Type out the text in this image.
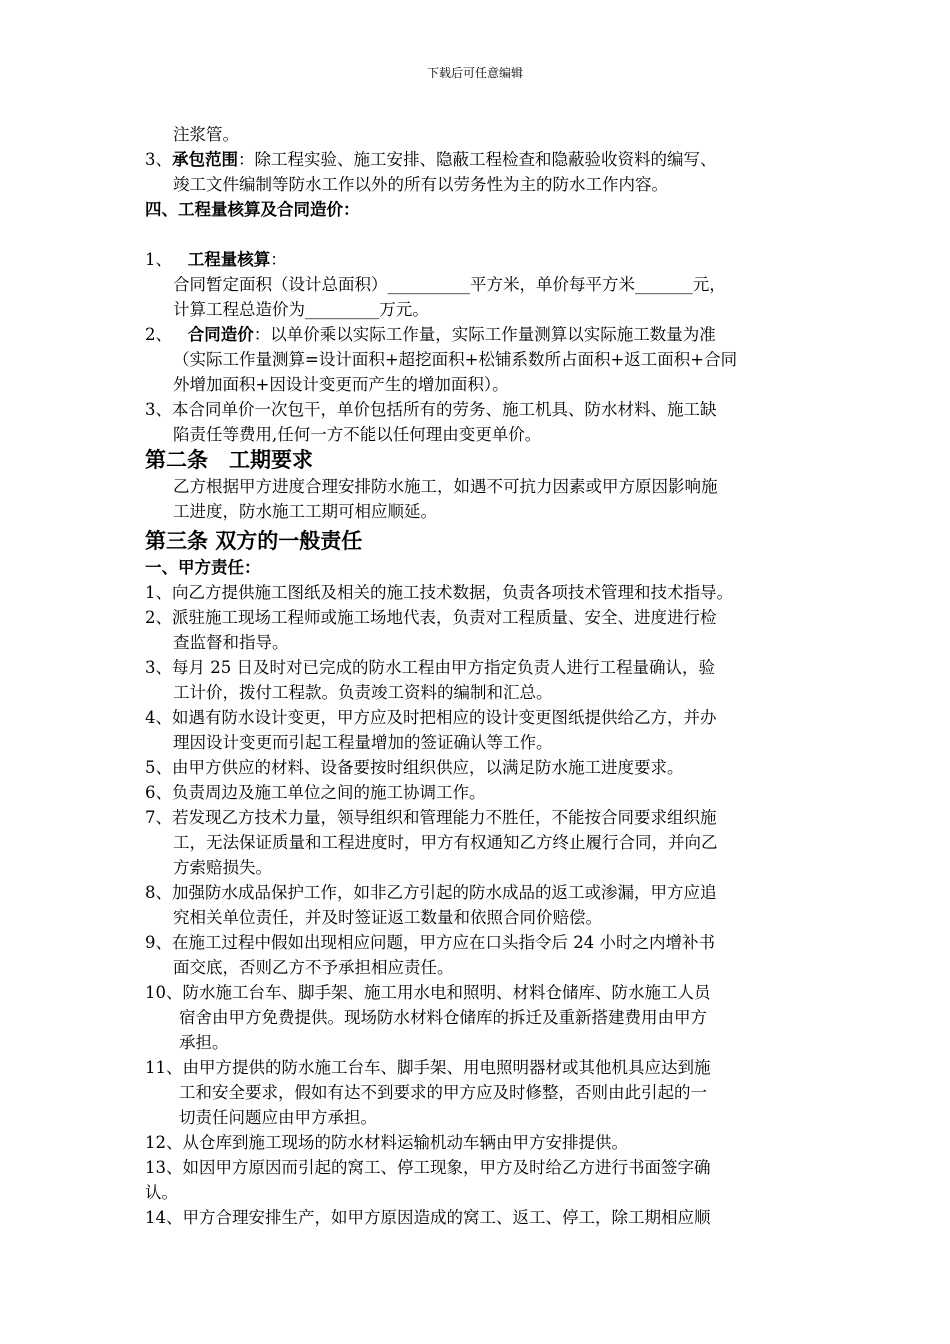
下载后可任意编辑
注浆管。
3、承包范围：除工程实验、施工安排、隐蔽工程检查和隐蔽验收资料的编写、
竣工文件编制等防水工作以外的所有以劳务性为主的防水工作内容。
四、工程量核算及合同造价：
1、 工程量核算：
合同暂定面积（设计总面积）__________平方米，单价每平方米_______元，
计算工程总造价为_________万元。
2、 合同造价：以单价乘以实际工作量，实际工作量测算以实际施工数量为准
（实际工作量测算=设计面积+超挖面积+松铺系数所占面积+返工面积+合同
外增加面积+因设计变更而产生的增加面积）。
3、本合同单价一次包干，单价包括所有的劳务、施工机具、防水材料、施工缺
陷责任等费用,任何一方不能以任何理由变更单价。
第二条　工期要求
乙方根据甲方进度合理安排防水施工，如遇不可抗力因素或甲方原因影响施
工进度，防水施工工期可相应顺延。
第三条 双方的一般责任
一、甲方责任：
1、向乙方提供施工图纸及相关的施工技术数据，负责各项技术管理和技术指导。
2、派驻施工现场工程师或施工场地代表，负责对工程质量、安全、进度进行检
查监督和指导。
3、每月 25 日及时对已完成的防水工程由甲方指定负责人进行工程量确认，验
工计价，拨付工程款。负责竣工资料的编制和汇总。
4、如遇有防水设计变更，甲方应及时把相应的设计变更图纸提供给乙方，并办
理因设计变更而引起工程量增加的签证确认等工作。
5、由甲方供应的材料、设备要按时组织供应，以满足防水施工进度要求。
6、负责周边及施工单位之间的施工协调工作。
7、若发现乙方技术力量，领导组织和管理能力不胜任，不能按合同要求组织施
工，无法保证质量和工程进度时，甲方有权通知乙方终止履行合同，并向乙
方索赔损失。
8、加强防水成品保护工作，如非乙方引起的防水成品的返工或渗漏，甲方应追
究相关单位责任，并及时签证返工数量和依照合同价赔偿。
9、在施工过程中假如出现相应问题，甲方应在口头指令后 24 小时之内增补书
面交底，否则乙方不予承担相应责任。
10、防水施工台车、脚手架、施工用水电和照明、材料仓储库、防水施工人员
宿舍由甲方免费提供。现场防水材料仓储库的拆迁及重新搭建费用由甲方
承担。
11、由甲方提供的防水施工台车、脚手架、用电照明器材或其他机具应达到施
工和安全要求，假如有达不到要求的甲方应及时修整，否则由此引起的一
切责任问题应由甲方承担。
12、从仓库到施工现场的防水材料运输机动车辆由甲方安排提供。
13、如因甲方原因而引起的窝工、停工现象，甲方及时给乙方进行书面签字确
认。
14、甲方合理安排生产，如甲方原因造成的窝工、返工、停工，除工期相应顺
